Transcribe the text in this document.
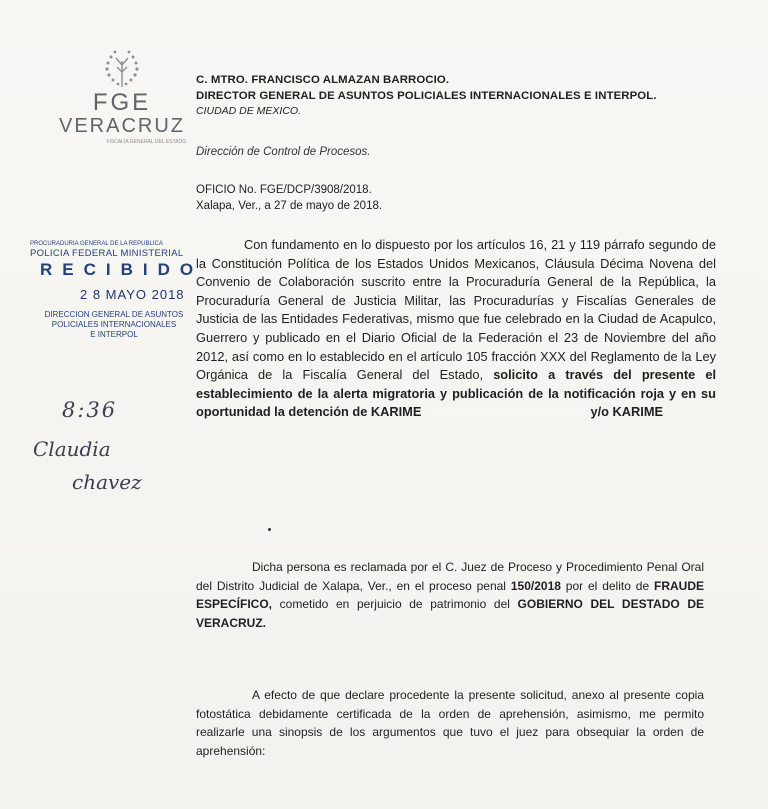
FGE
VERACRUZ
FISCALÍA GENERAL DEL ESTADO
C. MTRO. FRANCISCO ALMAZAN BARROCIO.
DIRECTOR GENERAL DE ASUNTOS POLICIALES INTERNACIONALES E INTERPOL.
CIUDAD DE MEXICO.
Dirección de Control de Procesos.
OFICIO No. FGE/DCP/3908/2018.
Xalapa, Ver., a 27 de mayo de 2018.
PROCURADURIA GENERAL DE LA REPUBLICA
POLICIA FEDERAL MINISTERIAL
RECIBIDO
2 8 MAYO 2018
DIRECCION GENERAL DE ASUNTOS
POLICIALES INTERNACIONALES
E INTERPOL
8:36
Claudia
chavez
Con fundamento en lo dispuesto por los artículos 16, 21 y 119 párrafo segundo de la Constitución Política de los Estados Unidos Mexicanos, Cláusula Décima Novena del Convenio de Colaboración suscrito entre la Procuraduría General de la República, la Procuraduría General de Justicia Militar, las Procuradurías y Fiscalías Generales de Justicia de las Entidades Federativas, mismo que fue celebrado en la Ciudad de Acapulco, Guerrero y publicado en el Diario Oficial de la Federación el 23 de Noviembre del año 2012, así como en lo establecido en el artículo 105 fracción XXX del Reglamento de la Ley Orgánica de la Fiscalía General del Estado, solicito a través del presente el establecimiento de la alerta migratoria y publicación de la notificación roja y en su oportunidad la detención de KARIME	y/o KARIME
Dicha persona es reclamada por el C. Juez de Proceso y Procedimiento Penal Oral del Distrito Judicial de Xalapa, Ver., en el proceso penal 150/2018 por el delito de FRAUDE ESPECÍFICO, cometido en perjuicio de patrimonio del GOBIERNO DEL DESTADO DE VERACRUZ.
A efecto de que declare procedente la presente solicitud, anexo al presente copia fotostática debidamente certificada de la orden de aprehensión, asimismo, me permito realizarle una sinopsis de los argumentos que tuvo el juez para obsequiar la orden de aprehensión:
